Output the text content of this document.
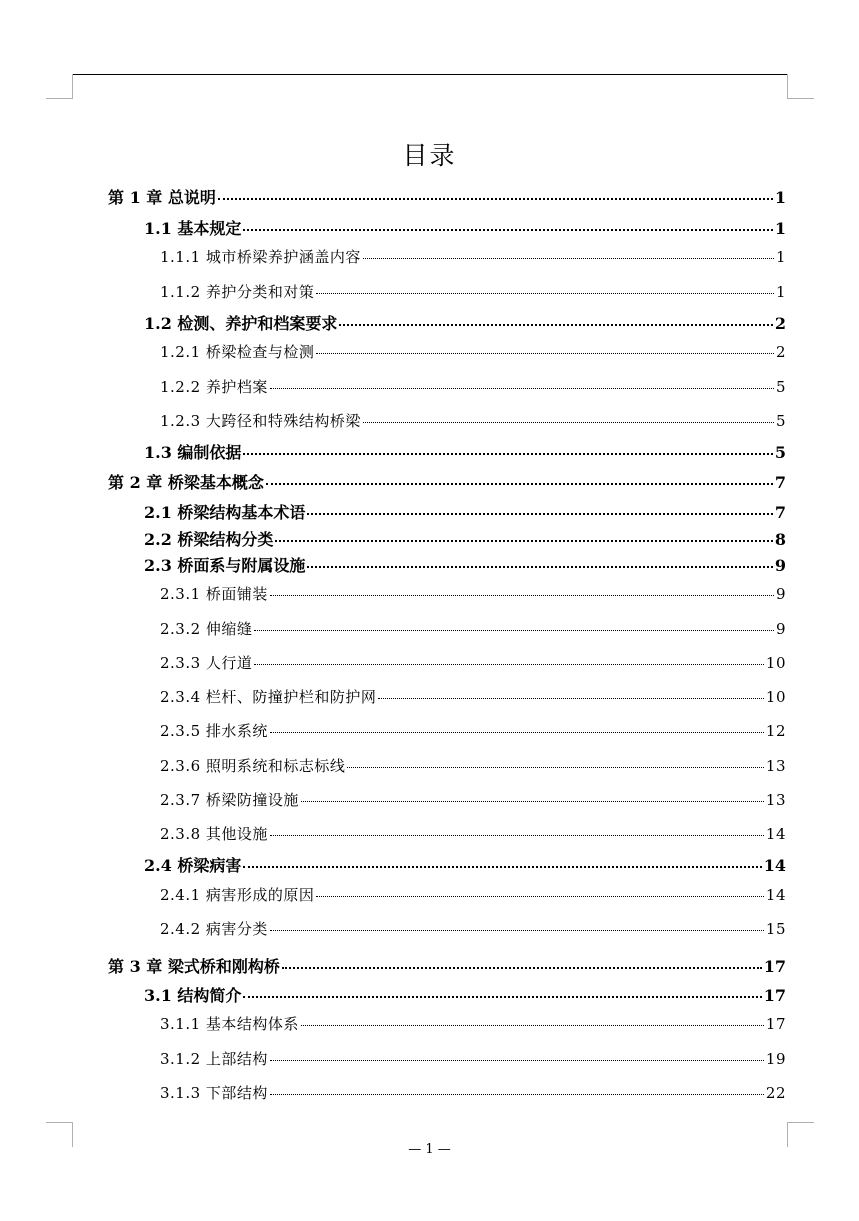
目录
第 1 章 总说明	1
1.1 基本规定	1
1.1.1 城市桥梁养护涵盖内容	1
1.1.2 养护分类和对策	1
1.2 检测、养护和档案要求	2
1.2.1 桥梁检查与检测	2
1.2.2 养护档案	5
1.2.3 大跨径和特殊结构桥梁	5
1.3 编制依据	5
第 2 章 桥梁基本概念	7
2.1 桥梁结构基本术语	7
2.2 桥梁结构分类	8
2.3 桥面系与附属设施	9
2.3.1 桥面铺装	9
2.3.2 伸缩缝	9
2.3.3 人行道	10
2.3.4 栏杆、防撞护栏和防护网	10
2.3.5 排水系统	12
2.3.6 照明系统和标志标线	13
2.3.7 桥梁防撞设施	13
2.3.8 其他设施	14
2.4 桥梁病害	14
2.4.1 病害形成的原因	14
2.4.2 病害分类	15
第 3 章 梁式桥和刚构桥	17
3.1 结构简介	17
3.1.1 基本结构体系	17
3.1.2 上部结构	19
3.1.3 下部结构	22
— 1 —
